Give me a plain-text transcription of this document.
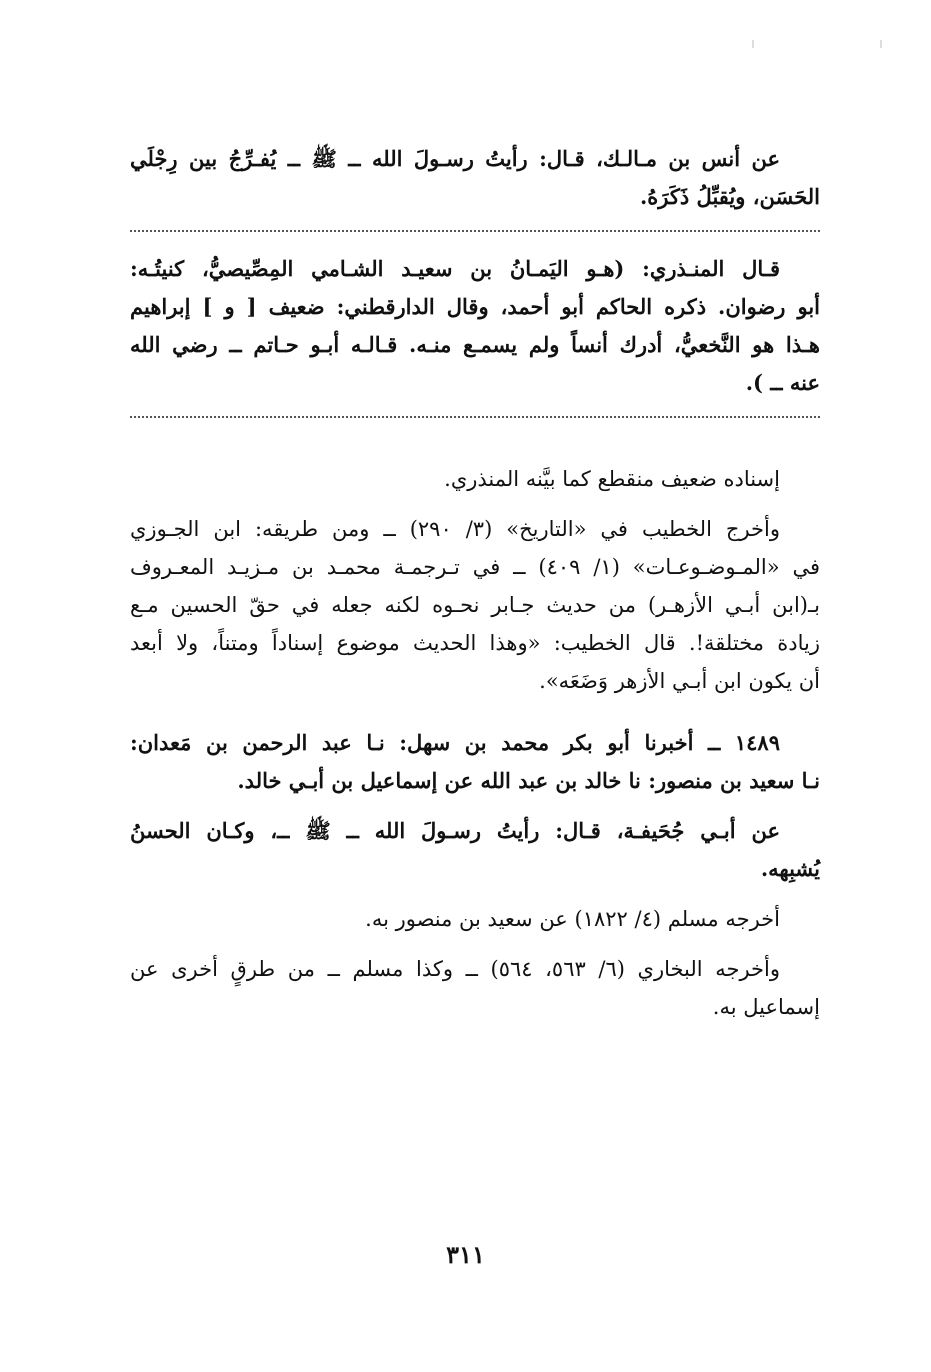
عن أنس بن مـالـك، قـال: رأيتُ رسـولَ الله ــ ﷺ ــ يُفـرِّجُ بين رِجْلَي
الحَسَن، ويُقبِّلُ ذَكَرَهُ.
قـال المنـذري: (هـو اليَمـانُ بن سعيـد الشـامي المِصِّيصيُّ، كنيتُـه:
أبو رضوان. ذكره الحاكم أبو أحمد، وقال الدارقطني: ضعيف [ و ] إبراهيم
هـذا هو النَّخعيُّ، أدرك أنساً ولم يسمـع منـه. قـالـه أبـو حـاتم ــ رضي الله
عنه ــ ).
إسناده ضعيف منقطع كما بيَّنه المنذري.
وأخرج الخطيب في «التاريخ» (٣/ ٢٩٠) ــ ومن طريقه: ابن الجـوزي
في «المـوضـوعـات» (١/ ٤٠٩) ــ في تـرجمـة محمـد بن مـزيـد المعـروف
بـ(ابن أبـي الأزهـر) من حديث جـابر نحـوه لكنه جعله في حقّ الحسين مـع
زيادة مختلقة!. قال الخطيب: «وهذا الحديث موضوع إسناداً ومتناً، ولا أبعد
أن يكون ابن أبـي الأزهر وَضَعَه».
١٤٨٩ ــ أخبرنا أبو بكر محمد بن سهل: نـا عبد الرحمن بن مَعدان:
نـا سعيد بن منصور: نا خالد بن عبد الله عن إسماعيل بن أبـي خالد.
عن أبـي جُحَيفـة، قـال: رأيتُ رسـولَ الله ــ ﷺ ــ، وكـان الحسنُ
يُشبِهه.
أخرجه مسلم (٤/ ١٨٢٢) عن سعيد بن منصور به.
وأخرجه البخاري (٦/ ٥٦٣، ٥٦٤) ــ وكذا مسلم ــ من طرقٍ أخرى عن
إسماعيل به.
٣١١
